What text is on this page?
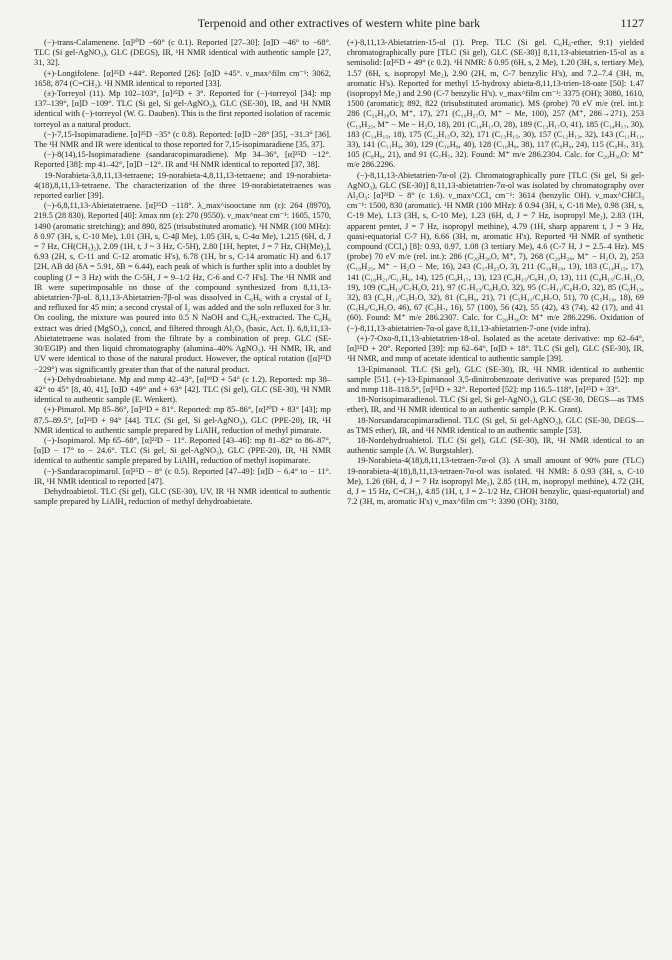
Terpenoid and other extractives of western white pine bark	1127

(−)-trans-Calamenene. [α]²⁰D −60° (c 0.1). Reported [27–30]: [α]D −46° to −68°. TLC (Si gel-AgNO₃), GLC (DEGS), IR, ¹H NMR identical with authentic sample [27, 31, 32].

(+)-Longifolene. [α]²⁵D +44°. Reported [26]: [α]D +45°. ν_max^film cm⁻¹: 3062, 1658, 874 (C=CH₂). ¹H NMR identical to reported [33].

(±)-Torreyol (11). Mp 102–103°, [α]²⁵D + 3°. Reported for (−)-torreyol [34]: mp 137–139°, [α]D −109°. TLC (Si gel, Si gel-AgNO₃), GLC (SE-30), IR, and ¹H NMR identical with (−)-torreyol (W. G. Dauben). This is the first reported isolation of racemic torreyol as a natural product.

(−)-7,15-Isopimaradiene. [α]²⁵D −35° (c 0.8). Reported: [α]D −28° [35], −31.3° [36]. The ¹H NMR and IR were identical to those reported for 7,15-isopimaradiene [35, 37].

(−)-8(14),15-Isopimaradiene (sandaracopimaradiene). Mp 34–36°, [α]²⁵D −12°. Reported [38]: mp 41–42°, [α]D −12°. IR and ¹H NMR identical to reported [37, 38].

19-Norabieta-3,8,11,13-tetraene; 19-norabieta-4,8,11,13-tetraene; and 19-norabieta-4(18),8,11,13-tetraene. The characterization of the three 19-norabietatetraenes was reported earlier [39].

(−)-6,8,11,13-Abietatetraene. [α]²⁵D −118°. λ_max^isooctane nm (ε): 264 (8970), 219.5 (28 830). Reported [40]: λmax nm (ε): 270 (9550). ν_max^neat cm⁻¹: 1605, 1570, 1490 (aromatic stretching); and 890, 825 (trisubstituted aromatic). ¹H NMR (100 MHz): δ 0.97 (3H, s, C-10 Me), 1.01 (3H, s, C-4β Me), 1.05 (3H, s, C-4α Me), 1.215 (6H, d, J = 7 Hz, CH(CH₃)₂), 2.09 (1H, t, J ~ 3 Hz, C-5H), 2.80 [1H, heptet, J = 7 Hz, CH(Me)₂], 6.93 (2H, s, C-11 and C-12 aromatic H's), 6.78 (1H, br s, C-14 aromatic H) and 6.17 [2H, AB dd (δA = 5.91, δB = 6.44), each peak of which is further split into a doublet by coupling (J = 3 Hz) with the C-5H, J = 9–1/2 Hz, C-6 and C-7 H's]. The ¹H NMR and IR were superimposable on those of the compound synthesized from 8,11,13-abietatrien-7β-ol. 8,11,13-Abietatrien-7β-ol was dissolved in C₆H₆ with a crystal of I₂ and refluxed for 45 min; a second crystal of I₂ was added and the soln refluxed for 3 hr. On cooling, the mixture was poured into 0.5 N NaOH and C₆H₆-extracted. The C₆H₆ extract was dried (MgSO₄), concd, and filtered through Al₂O₃ (basic, Act. I). 6,8,11,13-Abietatetraene was isolated from the filtrate by a combination of prep. GLC (SE-30/EGIP) and then liquid chromatography (alumina–40% AgNO₃). ¹H NMR, IR, and UV were identical to those of the natural product. However, the optical rotation ([α]²³D −229°) was significantly greater than that of the natural product.

(+)-Dehydroabietane. Mp and mmp 42–43°, [α]¹⁹D + 54° (c 1.2). Reported: mp 38–42° to 45° [8, 40, 41], [α]D +49° and + 63° [42]. TLC (Si gel), GLC (SE-30), ¹H NMR identical to authentic sample (E. Wenkert).

(+)-Pimarol. Mp 85–86°, [α]²³D + 81°. Reported: mp 85–86°, [α]²⁰D + 83° [43]; mp 87.5–89.5°, [α]²²D + 94° [44]. TLC (Si gel, Si gel-AgNO₃), GLC (PPE-20), IR, ¹H NMR identical to authentic sample prepared by LiAlH₄ reduction of methyl pimarate.

(−)-Isopimarol. Mp 65–68°, [α]²²D − 11°. Reported [43–46]: mp 81–82° to 86–87°, [α]D − 17° to − 24.6°. TLC (Si gel, Si gel-AgNO₃), GLC (PPE-20), IR, ¹H NMR identical to authentic sample prepared by LiAlH₄ reduction of methyl isopimarate.

(−)-Sandaracopimarol. [α]²⁵D − 8° (c 0.5). Reported [47–49]: [α]D − 6.4° to − 11°. IR, ¹H NMR identical to reported [47].

Dehydroabietol. TLC (Si gel), GLC (SE-30), UV, IR ¹H NMR identical to authentic sample prepared by LiAlH₄ reduction of methyl dehydroabietate.

(+)-8,11,13-Abietatrien-15-ol (1). Prep. TLC (Si gel. C₆H₆-ether, 9:1) yielded chromatographically pure [TLC (Si gel), GLC (SE-30)] 8,11,13-abietatrien-15-ol as a semisolid: [α]²⁵D + 49° (c 0.2). ¹H NMR: δ 0.95 (6H, s, 2 Me), 1.20 (3H, s, tertiary Me), 1.57 (6H, s, isopropyl Me₂), 2.90 (2H, m, C-7 benzylic H's), and 7.2–7.4 (3H, m, aromatic H's). Reported for methyl 15-hydroxy abieta-8,11,13-trien-18-oate [50]: 1.47 (isopropyl Me₂) and 2.90 (C-7 benzylic H's). ν_max^film cm⁻¹: 3375 (OH); 3080, 1610, 1500 (aromatic); 892, 822 (trisubstituted aromatic). MS (probe) 70 eV m/e (rel. int.): 286 (C₂₀H₃₀O, M⁺, 17), 271 (C₁₉H₂₇O, M⁺ − Me, 100), 257 (M⁺, 286→271), 253 (C₁₉H₂₅, M⁺ − Me − H₂O, 18), 201 (C₁₄H₁₇O, 28), 189 (C₁₃H₁₇O, 41), 185 (C₁₄H₁₇, 30), 183 (C₁₄H₁₅, 18), 175 (C₁₂H₁₅O, 32), 171 (C₁₃H₁₅, 30), 157 (C₁₂H₁₃, 32), 143 (C₁₁H₁₁, 33), 141 (C₁₁H₉, 30), 129 (C₁₀H₉, 40), 128 (C₁₀H₈, 38), 117 (C₉H₉, 24), 115 (C₉H₇, 31), 105 (C₈H₉, 21), and 91 (C₇H₇, 32). Found: M⁺ m/e 286.2304. Calc. for C₂₀H₃₀O: M⁺ m/e 286.2296.

(−)-8,11,13-Abietatrien-7α-ol (2). Chromatographically pure [TLC (Si gel, Si gel-AgNO₃), GLC (SE-30)] 8,11,13-abietatrien-7α-ol was isolated by chromatography over Al₂O₃: [α]²²D − 8° (c 1.6). ν_max^CCl₄ cm⁻¹: 3614 (benzylic OH). ν_max^CHCl₃ cm⁻¹: 1500, 830 (aromatic). ¹H NMR (100 MHz): δ 0.94 (3H, s, C-18 Me), 0.98 (3H, s, C-19 Me), 1.13 (3H, s, C-10 Me), 1.23 (6H, d, J = 7 Hz, isopropyl Me₂), 2.83 (1H, apparent pentet, J = 7 Hz, isopropyl methine), 4.79 (1H, sharp apparent t, J = 3 Hz, quasi-equatorial C-7 H), 6.66 (3H, m, aromatic H's). Reported ¹H NMR of synthetic compound (CCl₄) [8]: 0.93, 0.97, 1.08 (3 tertiary Me), 4.6 (C-7 H, J = 2.5–4 Hz). MS (probe) 70 eV m/e (rel. int.): 286 (C₂₀H₃₀O, M⁺, 7), 268 (C₂₀H₂₈, M⁺ − H₂O, 2), 253 (C₁₉H₂₅, M⁺ − H₂O − Me, 16), 243 (C₁₇H₂₃O, 3), 211 (C₁₆H₁₉, 13), 183 (C₁₄H₁₅, 17), 141 (C₁₀H₂₁/C₁₁H₉, 14), 125 (C₉H₁₇, 13), 123 (C₉H₁₅/C₈H₁₁O, 13), 111 (C₈H₁₅/C₇H₁₁O, 19), 109 (C₈H₁₃/C₇H₉O, 21), 97 (C₇H₁₃/C₆H₉O, 32), 95 (C₇H₁₁/C₆H₇O, 32), 85 (C₆H₁₃, 32), 83 (C₆H₁₁/C₅H₇O, 32), 81 (C₆H₉, 21), 71 (C₅H₁₁/C₄H₇O, 51), 70 (C₅H₁₀, 18), 69 (C₅H₉/C₄H₅O, 46), 67 (C₅H₇, 16), 57 (100), 56 (42), 55 (42), 43 (74), 42 (17), and 41 (60). Found: M⁺ m/e 286.2307. Calc. for C₂₀H₃₀O: M⁺ m/e 286.2296. Oxidation of (−)-8,11,13-abietatrien-7α-ol gave 8,11,13-abietatrien-7-one (vide infra).

(+)-7-Oxo-8,11,13-abietatrien-18-ol. Isolated as the acetate derivative: mp 62–64°, [α]²⁵D + 20°. Reported [39]: mp 62–64°, [α]D + 18°. TLC (Si gel), GLC (SE-30), IR, ¹H NMR, and mmp of acetate identical to authentic sample [39].

13-Epimanool. TLC (Si gel), GLC (SE-30), IR, ¹H NMR identical to authentic sample [51]. (+)-13-Epimanool 3,5-dinitrobenzoate derivative was prepared [52]: mp and mmp 118–118.5°, [α]²⁵D + 32°. Reported [52]: mp 116.5–118°, [α]²⁵D + 33°.

18-Norisopimaradienol. TLC (Si gel, Si gel-AgNO₃), GLC (SE-30, DEGS—as TMS ether), IR, and ¹H NMR identical to an authentic sample (P. K. Grant).

18-Norsandaracopimaradienol. TLC (Si gel, Si gel-AgNO₃), GLC (SE-30, DEGS—as TMS ether), IR, and ¹H NMR identical to an authentic sample [53].

18-Nordehydroabietol. TLC (Si gel), GLC (SE-30), IR, ¹H NMR identical to an authentic sample (A. W. Burgstahler).

19-Norabieta-4(18),8,11,13-tetraen-7α-ol (3). A small amount of 90% pure (TLC) 19-norabieta-4(18),8,11,13-tetraen-7α-ol was isolated. ¹H NMR: δ 0.93 (3H, s, C-10 Me), 1.26 (6H, d, J = 7 Hz isopropyl Me₂), 2.85 (1H, m, isopropyl methine), 4.72 (2H, d, J = 15 Hz, C=CH₂), 4.85 (1H, t, J = 2–1/2 Hz, CHOH benzylic, quasi-equatorial) and 7.2 (3H, m, aromatic H's) ν_max^film cm⁻¹: 3390 (OH); 3180,
